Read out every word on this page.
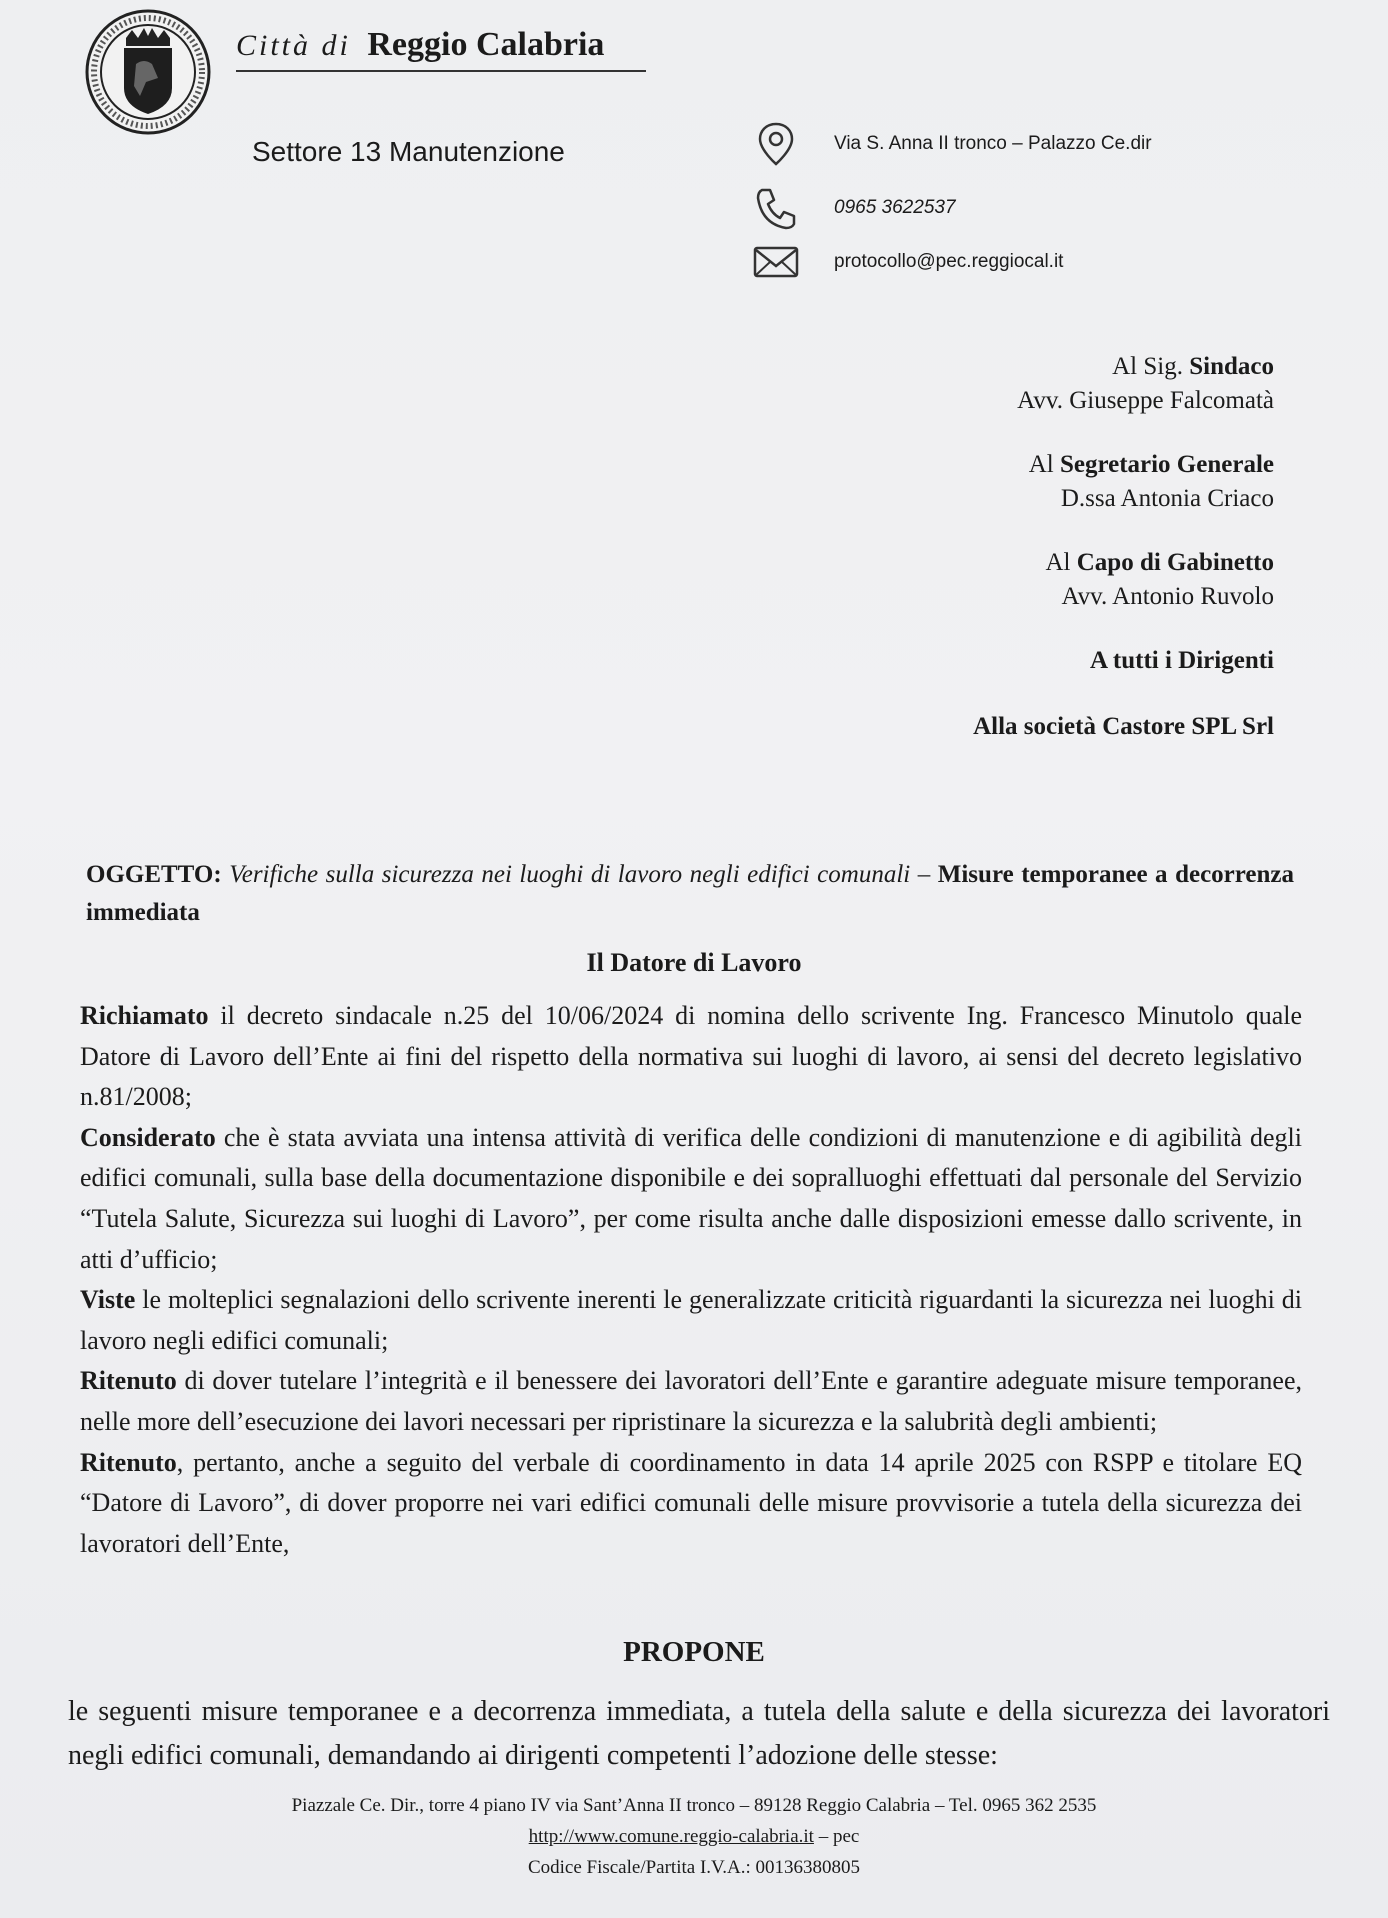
Città di Reggio Calabria
Settore 13 Manutenzione	Via S. Anna II tronco – Palazzo Ce.dir
0965 3622537
protocollo@pec.reggiocal.it
Al Sig. Sindaco
Avv. Giuseppe Falcomatà
Al Segretario Generale
D.ssa Antonia Criaco
Al Capo di Gabinetto
Avv. Antonio Ruvolo
A tutti i Dirigenti
Alla società Castore SPL Srl
OGGETTO: Verifiche sulla sicurezza nei luoghi di lavoro negli edifici comunali – Misure temporanee a decorrenza immediata
Il Datore di Lavoro

Richiamato il decreto sindacale n.25 del 10/06/2024 di nomina dello scrivente Ing. Francesco Minutolo quale Datore di Lavoro dell’Ente ai fini del rispetto della normativa sui luoghi di lavoro, ai sensi del decreto legislativo n.81/2008;

Considerato che è stata avviata una intensa attività di verifica delle condizioni di manutenzione e di agibilità degli edifici comunali, sulla base della documentazione disponibile e dei sopralluoghi effettuati dal personale del Servizio “Tutela Salute, Sicurezza sui luoghi di Lavoro”, per come risulta anche dalle disposizioni emesse dallo scrivente, in atti d’ufficio;

Viste le molteplici segnalazioni dello scrivente inerenti le generalizzate criticità riguardanti la sicurezza nei luoghi di lavoro negli edifici comunali;

Ritenuto di dover tutelare l’integrità e il benessere dei lavoratori dell’Ente e garantire adeguate misure temporanee, nelle more dell’esecuzione dei lavori necessari per ripristinare la sicurezza e la salubrità degli ambienti;

Ritenuto, pertanto, anche a seguito del verbale di coordinamento in data 14 aprile 2025 con RSPP e titolare EQ “Datore di Lavoro”, di dover proporre nei vari edifici comunali delle misure provvisorie a tutela della sicurezza dei lavoratori dell’Ente,

PROPONE
le seguenti misure temporanee e a decorrenza immediata, a tutela della salute e della sicurezza dei lavoratori negli edifici comunali, demandando ai dirigenti competenti l’adozione delle stesse:
Piazzale Ce. Dir., torre 4 piano IV via Sant’Anna II tronco – 89128 Reggio Calabria – Tel. 0965 362 2535
http://www.comune.reggio-calabria.it – pec
Codice Fiscale/Partita I.V.A.: 00136380805
